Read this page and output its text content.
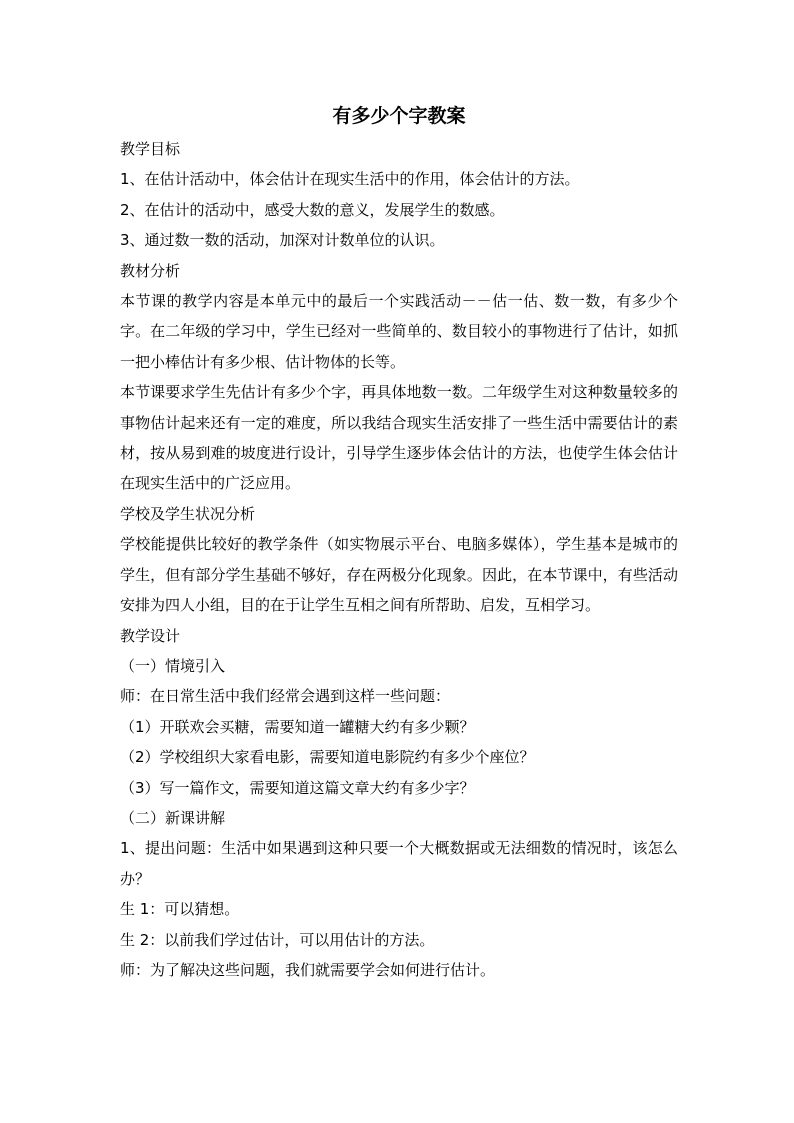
有多少个字教案
教学目标
1、在估计活动中，体会估计在现实生活中的作用，体会估计的方法。
2、在估计的活动中，感受大数的意义，发展学生的数感。
3、通过数一数的活动，加深对计数单位的认识。
教材分析
本节课的教学内容是本单元中的最后一个实践活动－－估一估、数一数，有多少个字。在二年级的学习中，学生已经对一些简单的、数目较小的事物进行了估计，如抓一把小棒估计有多少根、估计物体的长等。
本节课要求学生先估计有多少个字，再具体地数一数。二年级学生对这种数量较多的事物估计起来还有一定的难度，所以我结合现实生活安排了一些生活中需要估计的素材，按从易到难的坡度进行设计，引导学生逐步体会估计的方法，也使学生体会估计在现实生活中的广泛应用。
学校及学生状况分析
学校能提供比较好的教学条件（如实物展示平台、电脑多媒体），学生基本是城市的学生，但有部分学生基础不够好，存在两极分化现象。因此，在本节课中，有些活动安排为四人小组，目的在于让学生互相之间有所帮助、启发，互相学习。
教学设计
（一）情境引入
师：在日常生活中我们经常会遇到这样一些问题：
（1）开联欢会买糖，需要知道一罐糖大约有多少颗？
（2）学校组织大家看电影，需要知道电影院约有多少个座位？
（3）写一篇作文，需要知道这篇文章大约有多少字？
（二）新课讲解
1、提出问题：生活中如果遇到这种只要一个大概数据或无法细数的情况时，该怎么办？
生 1：可以猜想。
生 2：以前我们学过估计，可以用估计的方法。
师：为了解决这些问题，我们就需要学会如何进行估计。
